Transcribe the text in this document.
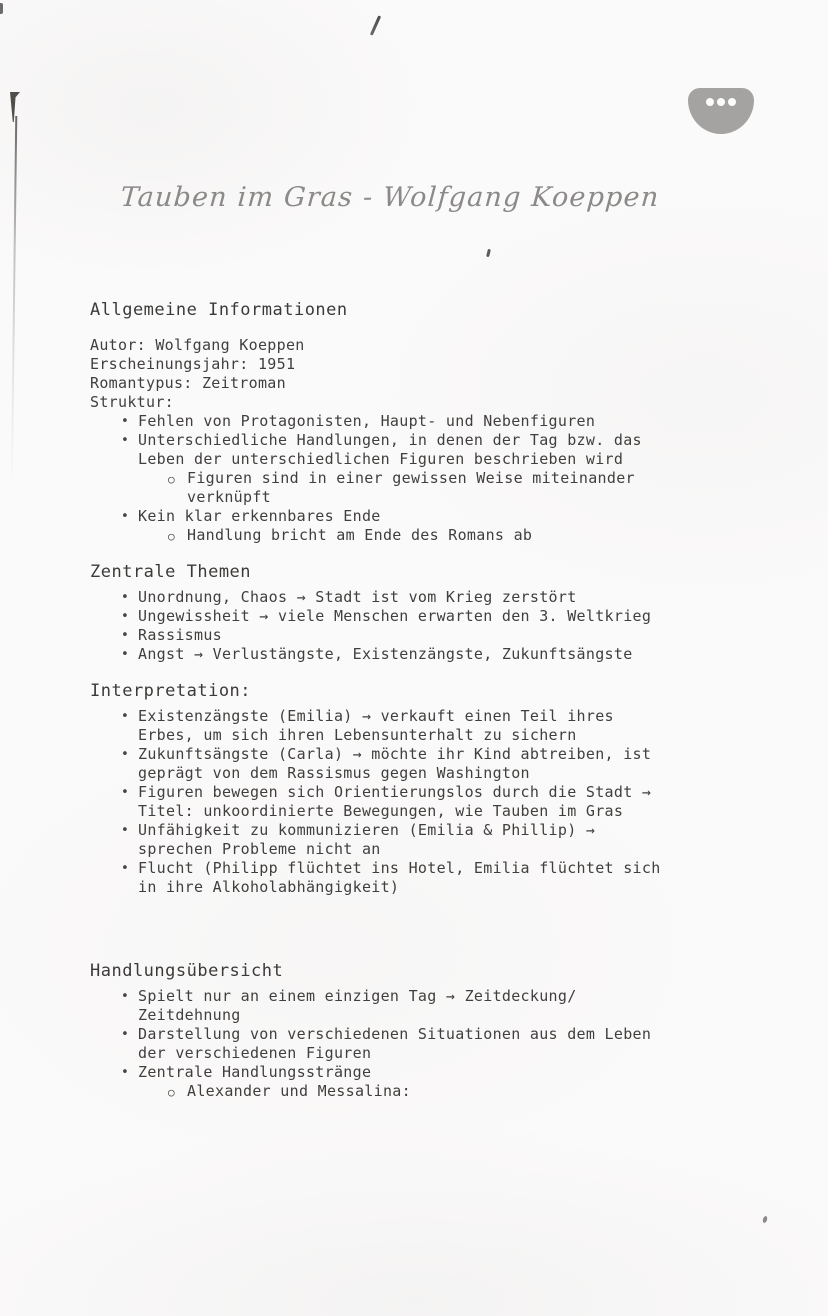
Tauben im Gras - Wolfgang Koeppen
Allgemeine Informationen
Autor: Wolfgang Koeppen
Erscheinungsjahr: 1951
Romantypus: Zeitroman
Struktur:
• Fehlen von Protagonisten, Haupt- und Nebenfiguren
• Unterschiedliche Handlungen, in denen der Tag bzw. das
Leben der unterschiedlichen Figuren beschrieben wird
○ Figuren sind in einer gewissen Weise miteinander
verknüpft
• Kein klar erkennbares Ende
○ Handlung bricht am Ende des Romans ab
Zentrale Themen
• Unordnung, Chaos → Stadt ist vom Krieg zerstört
• Ungewissheit → viele Menschen erwarten den 3. Weltkrieg
• Rassismus
• Angst → Verlustängste, Existenzängste, Zukunftsängste
Interpretation:
• Existenzängste (Emilia) → verkauft einen Teil ihres
Erbes, um sich ihren Lebensunterhalt zu sichern
• Zukunftsängste (Carla) → möchte ihr Kind abtreiben, ist
geprägt von dem Rassismus gegen Washington
• Figuren bewegen sich Orientierungslos durch die Stadt →
Titel: unkoordinierte Bewegungen, wie Tauben im Gras
• Unfähigkeit zu kommunizieren (Emilia & Phillip) →
sprechen Probleme nicht an
• Flucht (Philipp flüchtet ins Hotel, Emilia flüchtet sich
in ihre Alkoholabhängigkeit)
Handlungsübersicht
• Spielt nur an einem einzigen Tag → Zeitdeckung/
Zeitdehnung
• Darstellung von verschiedenen Situationen aus dem Leben
der verschiedenen Figuren
• Zentrale Handlungsstränge
○ Alexander und Messalina:
